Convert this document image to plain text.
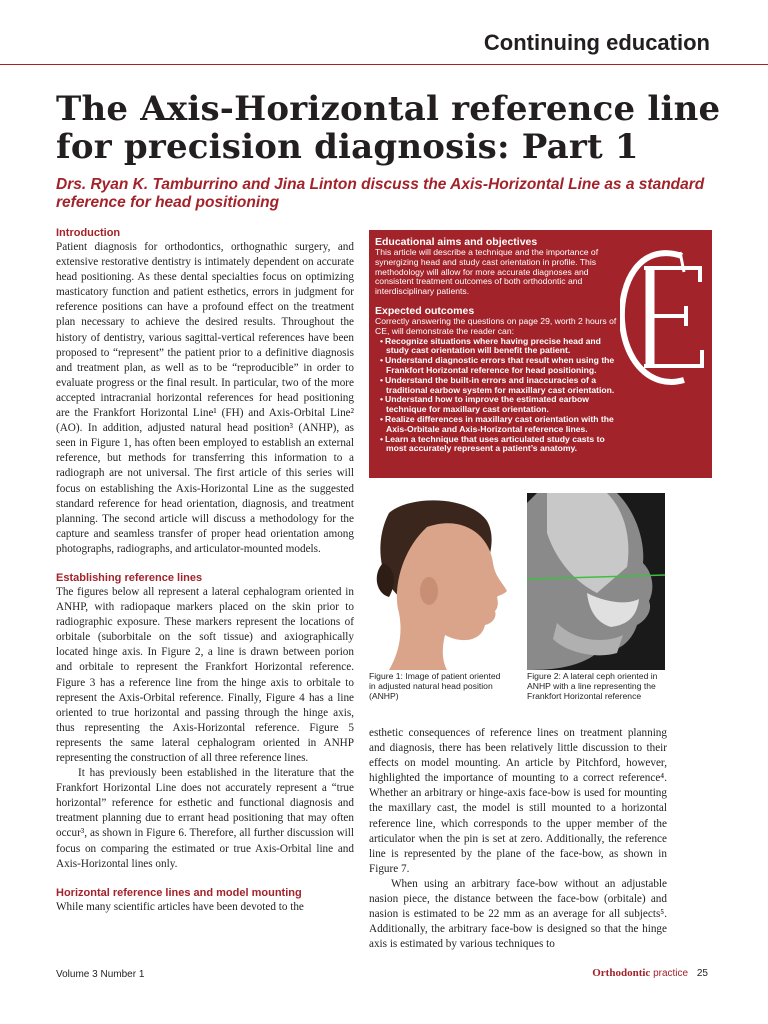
Continuing education
The Axis-Horizontal reference line for precision diagnosis: Part 1
Drs. Ryan K. Tamburrino and Jina Linton discuss the Axis-Horizontal Line as a standard reference for head positioning
Introduction

Patient diagnosis for orthodontics, orthognathic surgery, and extensive restorative dentistry is intimately dependent on accurate head positioning. As these dental specialties focus on optimizing masticatory function and patient esthetics, errors in judgment for reference positions can have a profound effect on the treatment plan necessary to achieve the desired results. Throughout the history of dentistry, various sagittal-vertical references have been proposed to “represent” the patient prior to a definitive diagnosis and treatment plan, as well as to be “reproducible” in order to evaluate progress or the final result. In particular, two of the more accepted intracranial horizontal references for head positioning are the Frankfort Horizontal Line¹ (FH) and Axis-Orbital Line² (AO). In addition, adjusted natural head position³ (ANHP), as seen in Figure 1, has often been employed to establish an external reference, but methods for transferring this information to a radiograph are not universal. The first article of this series will focus on establishing the Axis-Horizontal Line as the suggested standard reference for head orientation, diagnosis, and treatment planning. The second article will discuss a methodology for the capture and seamless transfer of proper head orientation among photographs, radiographs, and articulator-mounted models.

Establishing reference lines

The figures below all represent a lateral cephalogram oriented in ANHP, with radiopaque markers placed on the skin prior to radiographic exposure. These markers represent the locations of orbitale (suborbitale on the soft tissue) and axiographically located hinge axis. In Figure 2, a line is drawn between porion and orbitale to represent the Frankfort Horizontal reference. Figure 3 has a reference line from the hinge axis to orbitale to represent the Axis-Orbital reference. Finally, Figure 4 has a line oriented to true horizontal and passing through the hinge axis, thus representing the Axis-Horizontal reference. Figure 5 represents the same lateral cephalogram oriented in ANHP representing the construction of all three reference lines.

It has previously been established in the literature that the Frankfort Horizontal Line does not accurately represent a “true horizontal” reference for esthetic and functional diagnosis and treatment planning due to errant head positioning that may often occur³, as shown in Figure 6. Therefore, all further discussion will focus on comparing the estimated or true Axis-Orbital line and Axis-Horizontal lines only.

Horizontal reference lines and model mounting

While many scientific articles have been devoted to the

Educational aims and objectives

This article will describe a technique and the importance of synergizing head and study cast orientation in profile. This methodology will allow for more accurate diagnoses and consistent treatment outcomes of both orthodontic and interdisciplinary patients.

Expected outcomes

Correctly answering the questions on page 29, worth 2 hours of CE, will demonstrate the reader can:

• Recognize situations where having precise head and study cast orientation will benefit the patient.
• Understand diagnostic errors that result when using the Frankfort Horizontal reference for head positioning.
• Understand the built-in errors and inaccuracies of a traditional earbow system for maxillary cast orientation.
• Understand how to improve the estimated earbow technique for maxillary cast orientation.
• Realize differences in maxillary cast orientation with the Axis-Orbitale and Axis-Horizontal reference lines.
• Learn a technique that uses articulated study casts to most accurately represent a patient’s anatomy.
Figure 1: Image of patient oriented in adjusted natural head position (ANHP)
Figure 2: A lateral ceph oriented in ANHP with a line representing the Frankfort Horizontal reference

esthetic consequences of reference lines on treatment planning and diagnosis, there has been relatively little discussion to their effects on model mounting. An article by Pitchford, however, highlighted the importance of mounting to a correct reference⁴. Whether an arbitrary or hinge-axis face-bow is used for mounting the maxillary cast, the model is still mounted to a horizontal reference line, which corresponds to the upper member of the articulator when the pin is set at zero. Additionally, the reference line is represented by the plane of the face-bow, as shown in Figure 7.

When using an arbitrary face-bow without an adjustable nasion piece, the distance between the face-bow (orbitale) and nasion is estimated to be 22 mm as an average for all subjects⁵. Additionally, the arbitrary face-bow is designed so that the hinge axis is estimated by various techniques to

Volume 3 Number 1	Orthodontic practice 25
